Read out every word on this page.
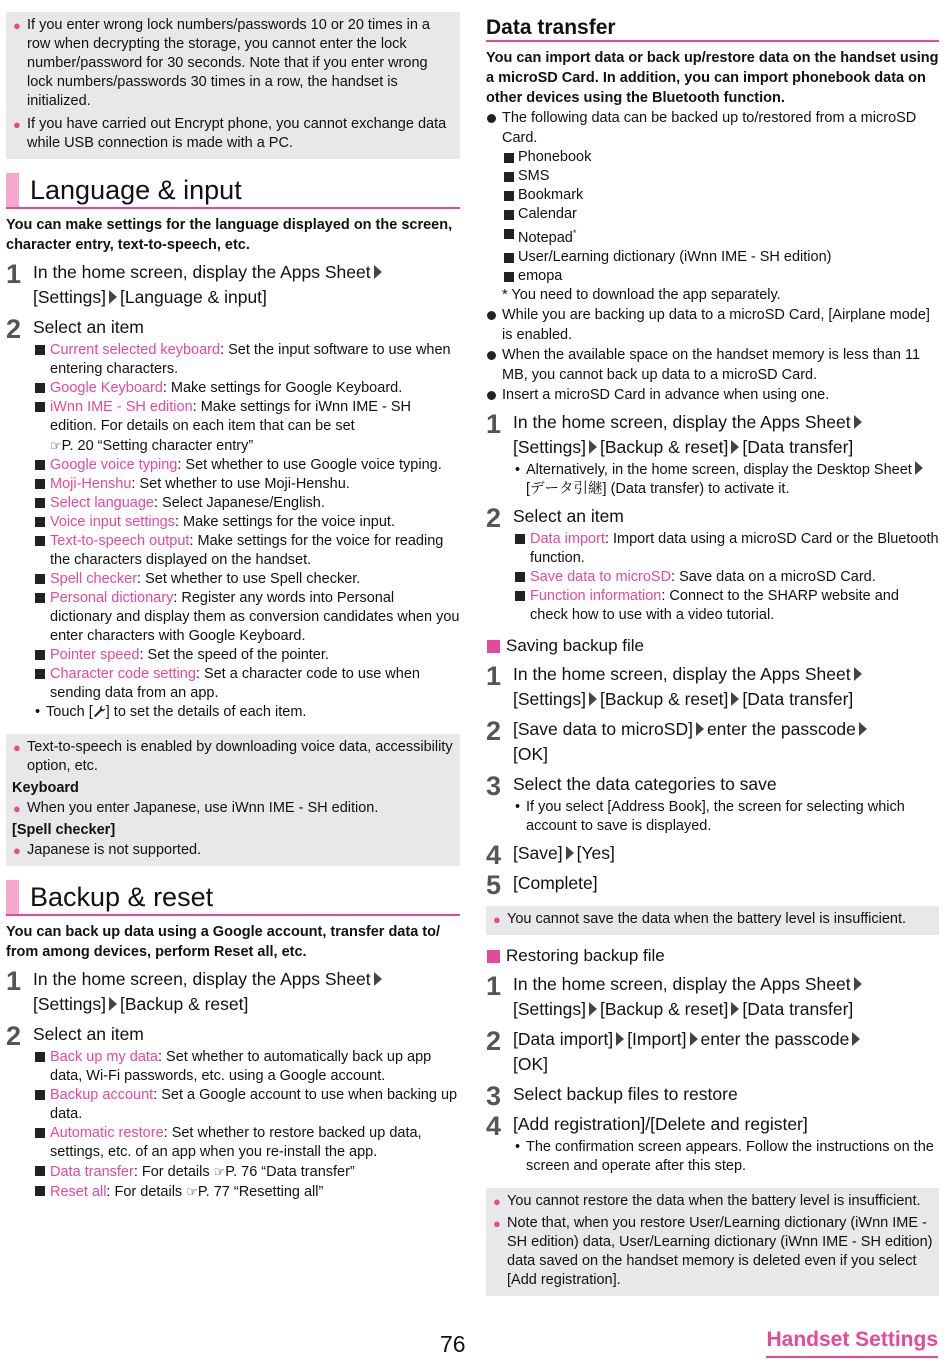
● If you enter wrong lock numbers/passwords 10 or 20 times in a row when decrypting the storage, you cannot enter the lock number/password for 30 seconds. Note that if you enter wrong lock numbers/passwords 30 times in a row, the handset is initialized.
● If you have carried out Encrypt phone, you cannot exchange data while USB connection is made with a PC.
Language & input
You can make settings for the language displayed on the screen, character entry, text-to-speech, etc.
1 In the home screen, display the Apps Sheet
[Settings] [Language & input]
2 Select an item
Current selected keyboard: Set the input software to use when entering characters.
Google Keyboard: Make settings for Google Keyboard.
iWnn IME - SH edition: Make settings for iWnn IME - SH edition. For details on each item that can be set
☞P. 20 “Setting character entry”
Google voice typing: Set whether to use Google voice typing.
Moji-Henshu: Set whether to use Moji-Henshu.
Select language: Select Japanese/English.
Voice input settings: Make settings for the voice input.
Text-to-speech output: Make settings for the voice for reading the characters displayed on the handset.
Spell checker: Set whether to use Spell checker.
Personal dictionary: Register any words into Personal dictionary and display them as conversion candidates when you enter characters with Google Keyboard.
Pointer speed: Set the speed of the pointer.
Character code setting: Set a character code to use when sending data from an app.
• Touch [ ] to set the details of each item.
● Text-to-speech is enabled by downloading voice data, accessibility option, etc.
Keyboard
● When you enter Japanese, use iWnn IME - SH edition.
[Spell checker]
● Japanese is not supported.
Backup & reset
You can back up data using a Google account, transfer data to/ from among devices, perform Reset all, etc.
1 In the home screen, display the Apps Sheet
[Settings] [Backup & reset]
2 Select an item
Back up my data: Set whether to automatically back up app data, Wi-Fi passwords, etc. using a Google account.
Backup account: Set a Google account to use when backing up data.
Automatic restore: Set whether to restore backed up data, settings, etc. of an app when you re-install the app.
Data transfer: For details ☞P. 76 “Data transfer”
Reset all: For details ☞P. 77 “Resetting all”
Data transfer
You can import data or back up/restore data on the handset using a microSD Card. In addition, you can import phonebook data on other devices using the Bluetooth function.
The following data can be backed up to/restored from a microSD Card.
Phonebook
SMS
Bookmark
Calendar
Notepad*
User/Learning dictionary (iWnn IME - SH edition)
emopa
* You need to download the app separately.
While you are backing up data to a microSD Card, [Airplane mode] is enabled.
When the available space on the handset memory is less than 11 MB, you cannot back up data to a microSD Card.
Insert a microSD Card in advance when using one.
1 In the home screen, display the Apps Sheet
[Settings] [Backup & reset] [Data transfer]
• Alternatively, in the home screen, display the Desktop Sheet[データ引継] (Data transfer) to activate it.
2 Select an item
Data import: Import data using a microSD Card or the Bluetooth function.
Save data to microSD: Save data on a microSD Card.
Function information: Connect to the SHARP website and check how to use with a video tutorial.
Saving backup file
1 In the home screen, display the Apps Sheet
[Settings] [Backup & reset] [Data transfer]
2 [Save data to microSD] enter the passcode
[OK]
3 Select the data categories to save
• If you select [Address Book], the screen for selecting which account to save is displayed.
4 [Save] [Yes]
5 [Complete]
● You cannot save the data when the battery level is insufficient.
Restoring backup file
1 In the home screen, display the Apps Sheet
[Settings] [Backup & reset] [Data transfer]
2 [Data import] [Import] enter the passcode
[OK]
3 Select backup files to restore
4 [Add registration]/[Delete and register]
• The confirmation screen appears. Follow the instructions on the screen and operate after this step.
● You cannot restore the data when the battery level is insufficient.
● Note that, when you restore User/Learning dictionary (iWnn IME - SH edition) data, User/Learning dictionary (iWnn IME - SH edition) data saved on the handset memory is deleted even if you select [Add registration].
76	Handset Settings
